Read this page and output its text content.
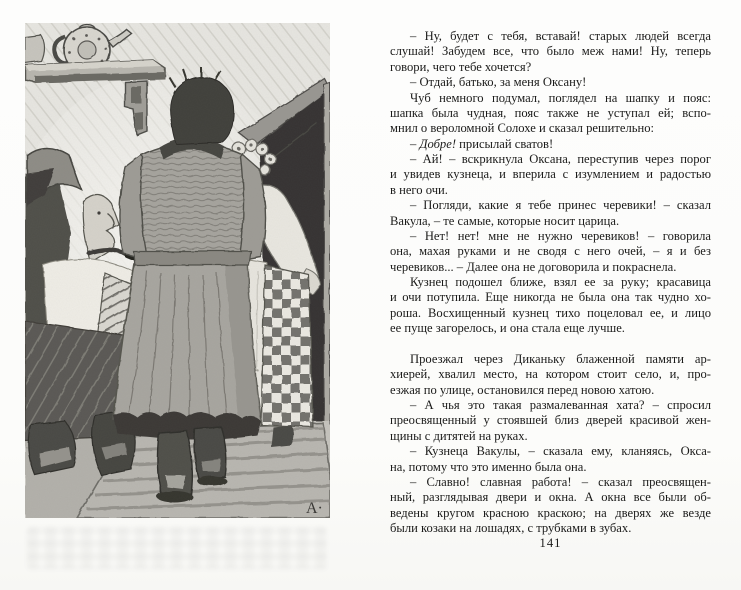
А·
– Ну, будет с тебя, вставай! старых людей всегда
слушай! Забудем все, что было меж нами! Ну, теперь
говори, чего тебе хочется?
– Отдай, батько, за меня Оксану!
Чуб немного подумал, поглядел на шапку и пояс:
шапка была чудная, пояс также не уступал ей; вспо-
мнил о вероломной Солохе и сказал решительно:
– Добре! присылай сватов!
– Ай! – вскрикнула Оксана, переступив через порог
и увидев кузнеца, и вперила с изумлением и радостью
в него очи.
– Погляди, какие я тебе принес черевики! – сказал
Вакула, – те самые, которые носит царица.
– Нет! нет! мне не нужно черевиков! – говорила
она, махая руками и не сводя с него очей, – я и без
черевиков... – Далее она не договорила и покраснела.
Кузнец подошел ближе, взял ее за руку; красавица
и очи потупила. Еще никогда не была она так чудно хо-
роша. Восхищенный кузнец тихо поцеловал ее, и лицо
ее пуще загорелось, и она стала еще лучше.
Проезжал через Диканьку блаженной памяти ар-
хиерей, хвалил место, на котором стоит село, и, про-
езжая по улице, остановился перед новою хатою.
– А чья это такая размалеванная хата? – спросил
преосвященный у стоявшей близ дверей красивой жен-
щины с дитятей на руках.
– Кузнеца Вакулы, – сказала ему, кланяясь, Окса-
на, потому что это именно была она.
– Славно! славная работа! – сказал преосвящен-
ный, разглядывая двери и окна. А окна все были об-
ведены кругом красною краскою; на дверях же везде
были козаки на лошадях, с трубками в зубах.
141
